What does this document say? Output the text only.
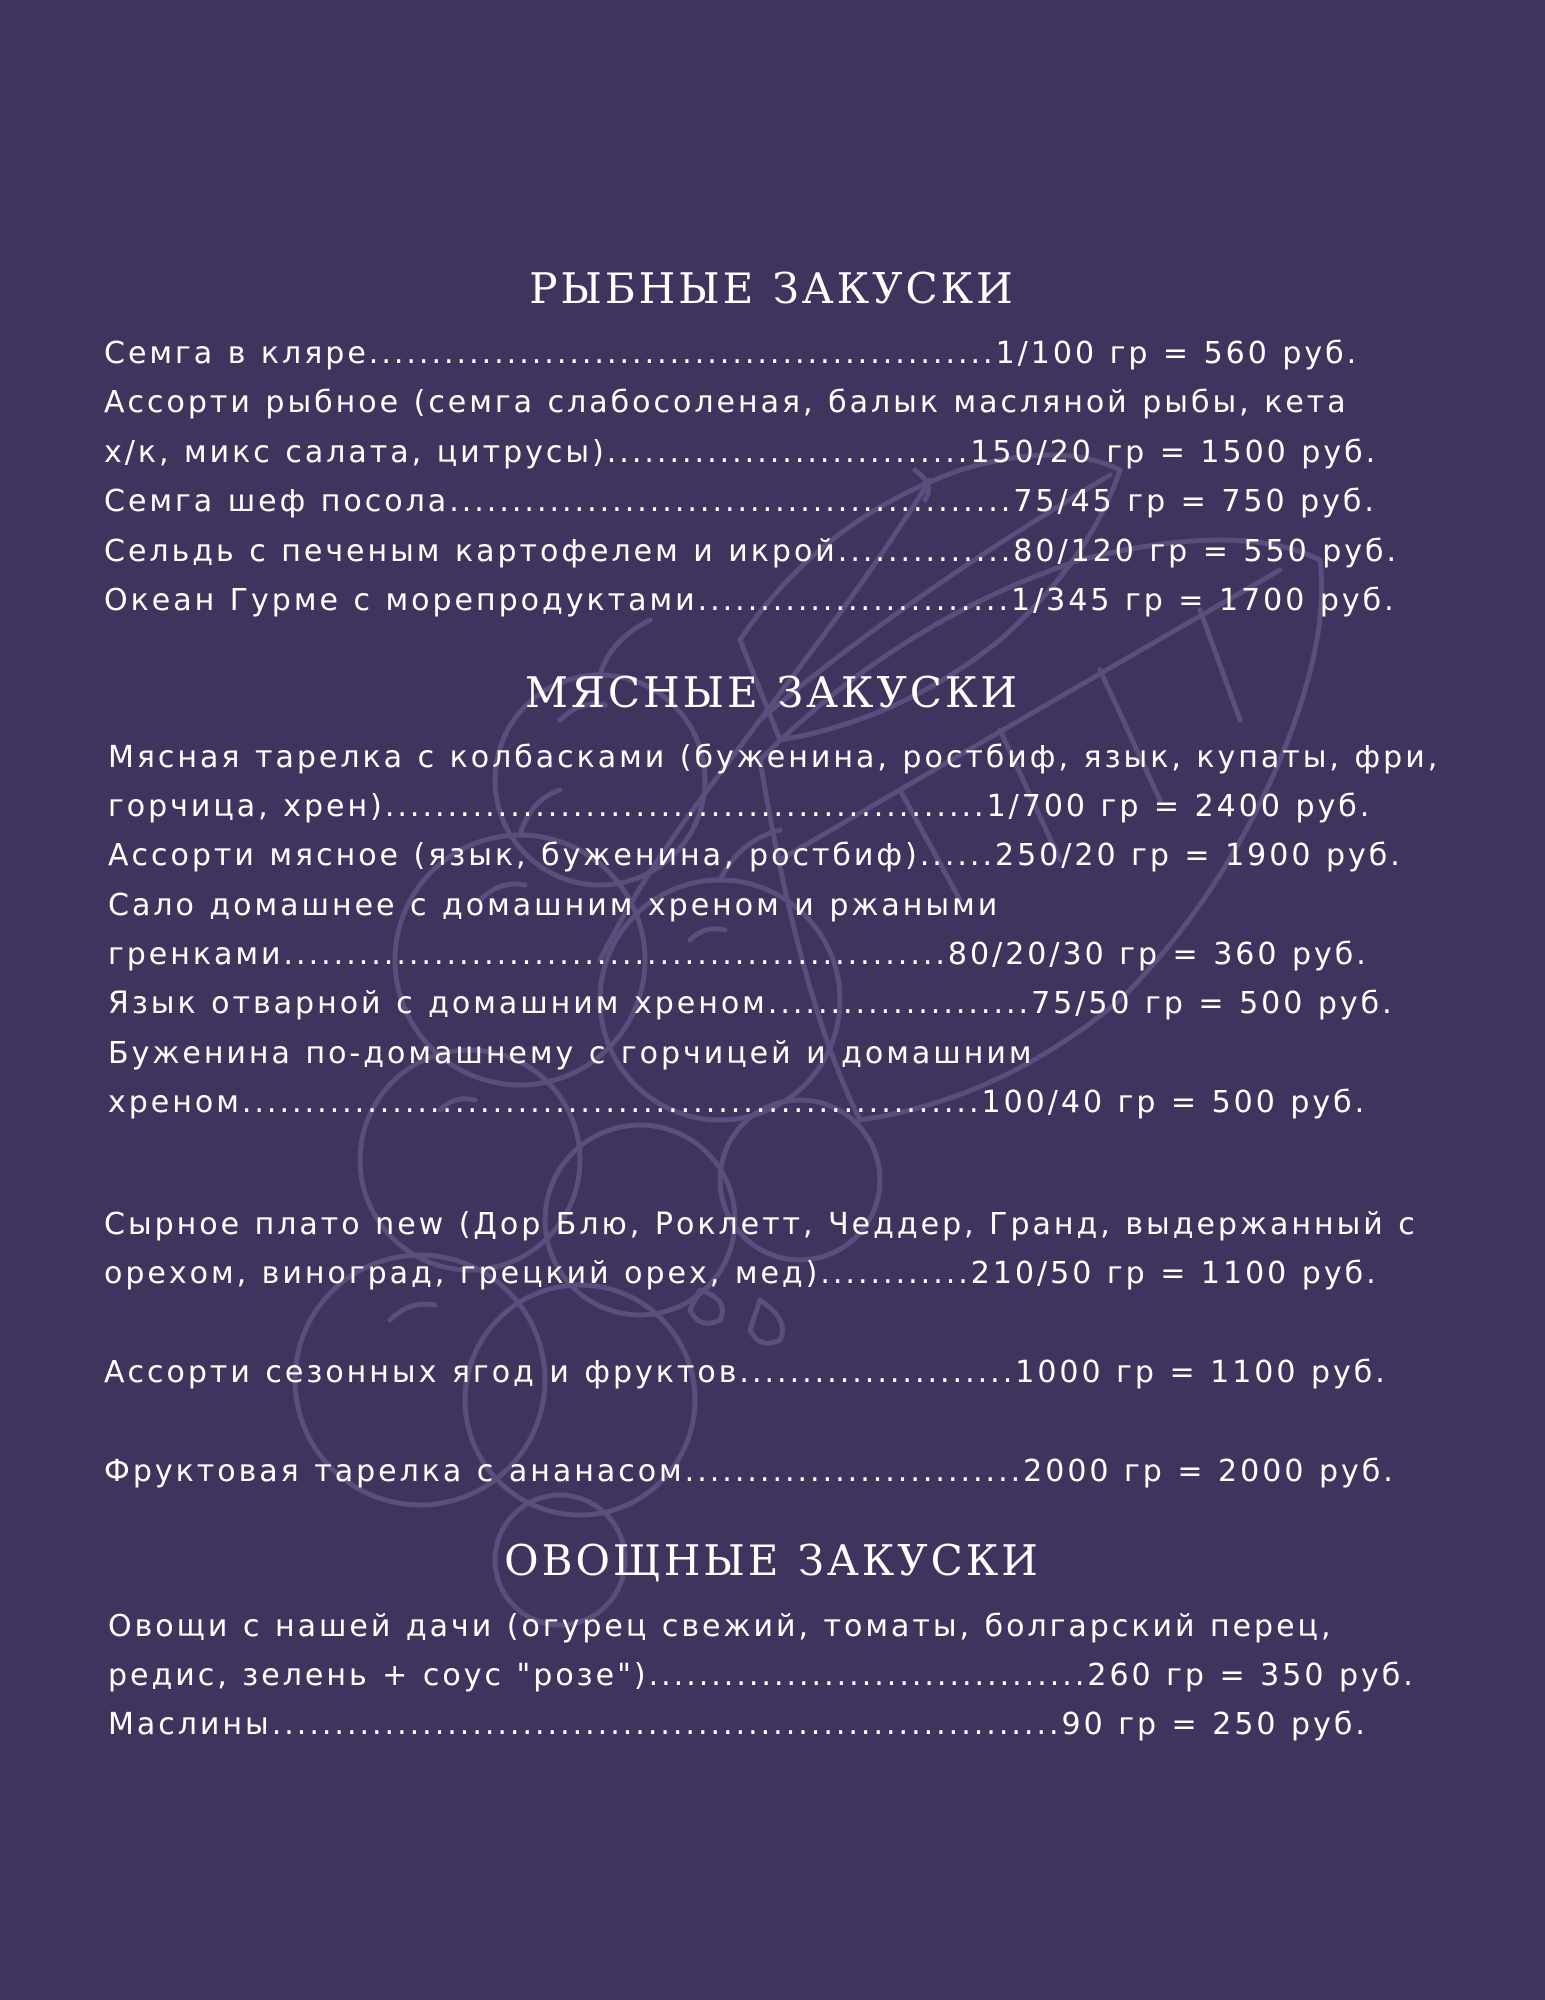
РЫБНЫЕ ЗАКУСКИ

Семга в кляре..................................................1/100 гр = 560 руб.

Ассорти рыбное (семга слабосоленая, балык масляной рыбы, кета

х/к, микс салата, цитрусы).............................150/20 гр = 1500 руб.

Семга шеф посола.............................................75/45 гр = 750 руб.

Сельдь с печеным картофелем и икрой..............80/120 гр = 550 руб.

Океан Гурме с морепродуктами.........................1/345 гр = 1700 руб.

МЯСНЫЕ ЗАКУСКИ

Мясная тарелка с колбасками (буженина, ростбиф, язык, купаты, фри,

горчица, хрен)................................................1/700 гр = 2400 руб.

Ассорти мясное (язык, буженина, ростбиф)......250/20 гр = 1900 руб.

Сало домашнее с домашним хреном и ржаными

гренками.....................................................80/20/30 гр = 360 руб.

Язык отварной с домашним хреном.....................75/50 гр = 500 руб.

Буженина по-домашнему с горчицей и домашним

хреном...........................................................100/40 гр = 500 руб.

Сырное плато new (Дор Блю, Роклетт, Чеддер, Гранд, выдержанный с

орехом, виноград, грецкий орех, мед)............210/50 гр = 1100 руб.

Ассорти сезонных ягод и фруктов......................1000 гр = 1100 руб.

Фруктовая тарелка с ананасом...........................2000 гр = 2000 руб.

ОВОЩНЫЕ ЗАКУСКИ

Овощи с нашей дачи (огурец свежий, томаты, болгарский перец,

редис, зелень + соус "розе")...................................260 гр = 350 руб.

Маслины...............................................................90 гр = 250 руб.
